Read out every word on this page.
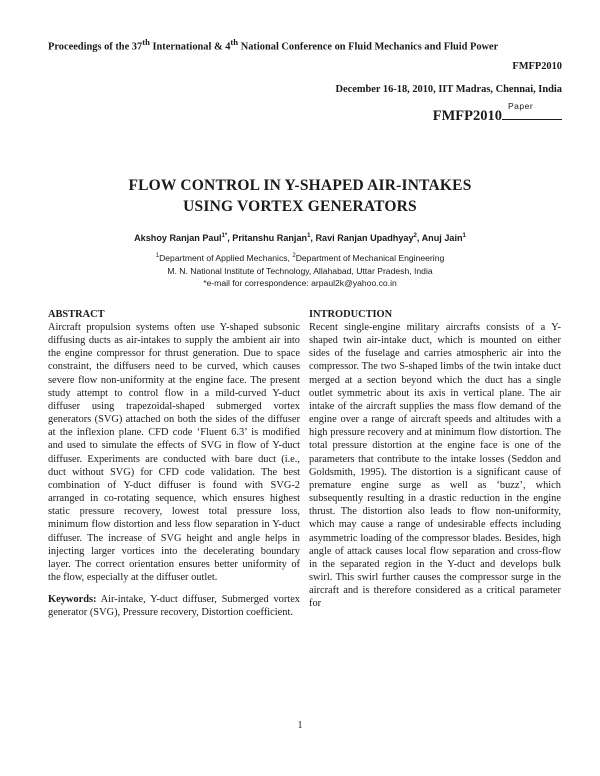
Proceedings of the 37th International & 4th National Conference on Fluid Mechanics and Fluid Power
FMFP2010
December 16-18, 2010, IIT Madras, Chennai, India
FMFP2010
Paper
FLOW CONTROL IN Y-SHAPED AIR-INTAKES
USING VORTEX GENERATORS
Akshoy Ranjan Paul$^{1*}$, Pritanshu Ranjan$^1$, Ravi Ranjan Upadhyay$^2$, Anuj Jain$^1$
$^1$Department of Applied Mechanics, $^2$Department of Mechanical Engineering
M. N. National Institute of Technology, Allahabad, Uttar Pradesh, India
*e-mail for correspondence: arpaul2k@yahoo.co.in
ABSTRACT

Aircraft propulsion systems often use Y-shaped subsonic diffusing ducts as air-intakes to supply the ambient air into the engine compressor for thrust generation. Due to space constraint, the diffusers need to be curved, which causes severe flow non-uniformity at the engine face. The present study attempt to control flow in a mild-curved Y-duct diffuser using trapezoidal-shaped submerged vortex generators (SVG) attached on both the sides of the diffuser at the inflexion plane. CFD code ‘Fluent 6.3’ is modified and used to simulate the effects of SVG in flow of Y-duct diffuser. Experiments are conducted with bare duct (i.e., duct without SVG) for CFD code validation. The best combination of Y-duct diffuser is found with SVG-2 arranged in co-rotating sequence, which ensures highest static pressure recovery, lowest total pressure loss, minimum flow distortion and less flow separation in Y-duct diffuser. The increase of SVG height and angle helps in injecting larger vortices into the decelerating boundary layer. The correct orientation ensures better uniformity of the flow, especially at the diffuser outlet.

Keywords: Air-intake, Y-duct diffuser, Submerged vortex generator (SVG), Pressure recovery, Distortion coefficient.

INTRODUCTION

Recent single-engine military aircrafts consists of a Y-shaped twin air-intake duct, which is mounted on either sides of the fuselage and carries atmospheric air into the compressor. The two S-shaped limbs of the twin intake duct merged at a section beyond which the duct has a single outlet symmetric about its axis in vertical plane. The air intake of the aircraft supplies the mass flow demand of the engine over a range of aircraft speeds and altitudes with a high pressure recovery and at minimum flow distortion. The total pressure distortion at the engine face is one of the parameters that contribute to the intake losses (Seddon and Goldsmith, 1995). The distortion is a significant cause of premature engine surge as well as ‘buzz’, which subsequently resulting in a drastic reduction in the engine thrust. The distortion also leads to flow non-uniformity, which may cause a range of undesirable effects including asymmetric loading of the compressor blades. Besides, high angle of attack causes local flow separation and cross-flow in the separated region in the Y-duct and develops bulk swirl. This swirl further causes the compressor surge in the aircraft and is therefore considered as a critical parameter for

1
